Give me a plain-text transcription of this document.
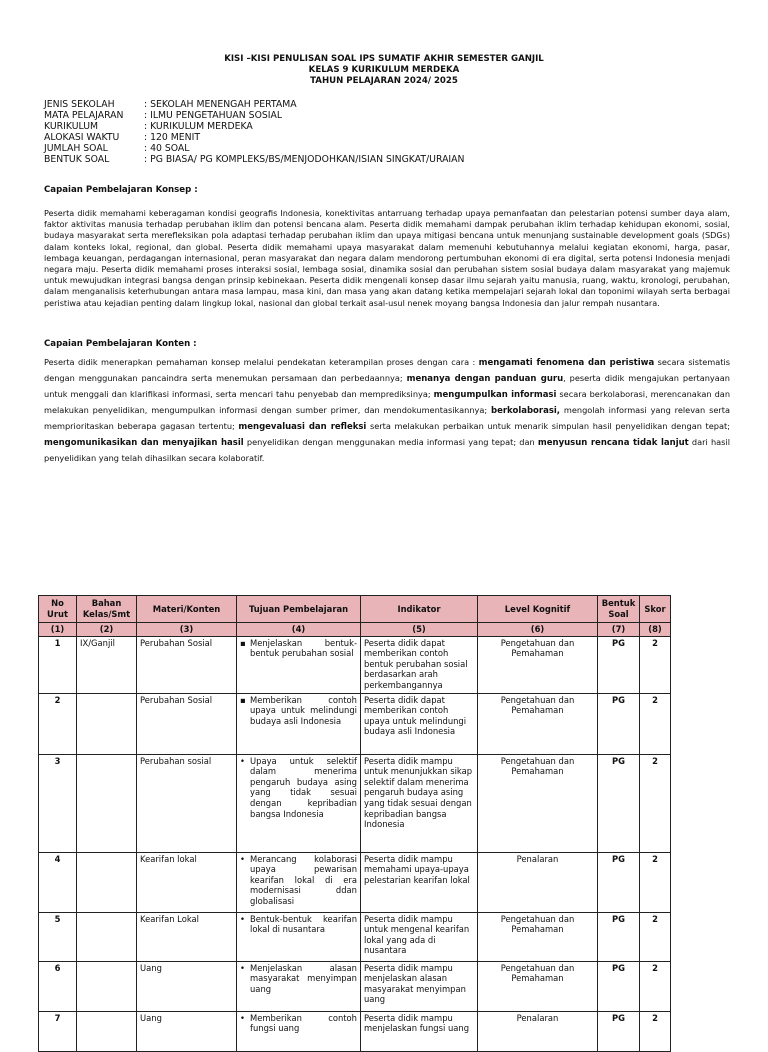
KISI –KISI PENULISAN SOAL IPS SUMATIF AKHIR SEMESTER GANJIL
KELAS 9 KURIKULUM MERDEKA
TAHUN PELAJARAN 2024/ 2025
JENIS SEKOLAH	: SEKOLAH MENENGAH PERTAMA
MATA PELAJARAN	: ILMU PENGETAHUAN SOSIAL
KURIKULUM	: KURIKULUM MERDEKA
ALOKASI WAKTU	: 120 MENIT
JUMLAH SOAL	: 40 SOAL
BENTUK SOAL	: PG BIASA/ PG KOMPLEKS/BS/MENJODOHKAN/ISIAN SINGKAT/URAIAN
Capaian Pembelajaran Konsep :
Peserta didik memahami keberagaman kondisi geografis Indonesia, konektivitas antarruang terhadap upaya pemanfaatan dan pelestarian potensi sumber daya alam, faktor aktivitas manusia terhadap perubahan iklim dan potensi bencana alam. Peserta didik memahami dampak perubahan iklim terhadap kehidupan ekonomi, sosial, budaya masyarakat serta merefleksikan pola adaptasi terhadap perubahan iklim dan upaya mitigasi bencana untuk menunjang sustainable development goals (SDGs) dalam konteks lokal, regional, dan global. Peserta didik memahami upaya masyarakat dalam memenuhi kebutuhannya melalui kegiatan ekonomi, harga, pasar, lembaga keuangan, perdagangan internasional, peran masyarakat dan negara dalam mendorong pertumbuhan ekonomi di era digital, serta potensi Indonesia menjadi negara maju. Peserta didik memahami proses interaksi sosial, lembaga sosial, dinamika sosial dan perubahan sistem sosial budaya dalam masyarakat yang majemuk untuk mewujudkan integrasi bangsa dengan prinsip kebinekaan. Peserta didik mengenali konsep dasar ilmu sejarah yaitu manusia, ruang, waktu, kronologi, perubahan, dalam menganalisis keterhubungan antara masa lampau, masa kini, dan masa yang akan datang ketika mempelajari sejarah lokal dan toponimi wilayah serta berbagai peristiwa atau kejadian penting dalam lingkup lokal, nasional dan global terkait asal-usul nenek moyang bangsa Indonesia dan jalur rempah nusantara.
Capaian Pembelajaran Konten :
Peserta didik menerapkan pemahaman konsep melalui pendekatan keterampilan proses dengan cara : mengamati fenomena dan peristiwa secara sistematis dengan menggunakan pancaindra serta menemukan persamaan dan perbedaannya; menanya dengan panduan guru, peserta didik mengajukan pertanyaan untuk menggali dan klarifikasi informasi, serta mencari tahu penyebab dan memprediksinya; mengumpulkan informasi secara berkolaborasi, merencanakan dan melakukan penyelidikan, mengumpulkan informasi dengan sumber primer, dan mendokumentasikannya; berkolaborasi, mengolah informasi yang relevan serta memprioritaskan beberapa gagasan tertentu; mengevaluasi dan refleksi serta melakukan perbaikan untuk menarik simpulan hasil penyelidikan dengan tepat; mengomunikasikan dan menyajikan hasil penyelidikan dengan menggunakan media informasi yang tepat; dan menyusun rencana tidak lanjut dari hasil penyelidikan yang telah dihasilkan secara kolaboratif.
No Urut	Bahan Kelas/Smt	Materi/Konten	Tujuan Pembelajaran	Indikator	Level Kognitif	Bentuk Soal	Skor
(1)	(2)	(3)	(4)	(5)	(6)	(7)	(8)
1	IX/Ganjil	Perubahan Sosial	▪ Menjelaskan bentuk-bentuk perubahan sosial	Peserta didik dapat memberikan contoh bentuk perubahan sosial berdasarkan arah perkembangannya	Pengetahuan dan Pemahaman	PG	2
2		Perubahan Sosial	▪ Memberikan contoh upaya untuk melindungi budaya asli Indonesia	Peserta didik dapat memberikan contoh upaya untuk melindungi budaya asli Indonesia	Pengetahuan dan Pemahaman	PG	2
3		Perubahan sosial	• Upaya untuk selektif dalam menerima pengaruh budaya asing yang tidak sesuai dengan kepribadian bangsa Indonesia	Peserta didik mampu untuk menunjukkan sikap selektif dalam menerima pengaruh budaya asing yang tidak sesuai dengan kepribadian bangsa Indonesia	Pengetahuan dan Pemahaman	PG	2
4		Kearifan lokal	• Merancang kolaborasi upaya pewarisan kearifan lokal di era modernisasi ddan globalisasi	Peserta didik mampu memahami upaya-upaya pelestarian kearifan lokal	Penalaran	PG	2
5		Kearifan Lokal	• Bentuk-bentuk kearifan lokal di nusantara	Peserta didik mampu untuk mengenal kearifan lokal yang ada di nusantara	Pengetahuan dan Pemahaman	PG	2
6		Uang	• Menjelaskan alasan masyarakat menyimpan uang	Peserta didik mampu menjelaskan alasan masyarakat menyimpan uang	Pengetahuan dan Pemahaman	PG	2
7		Uang	• Memberikan contoh fungsi uang	Peserta didik mampu menjelaskan fungsi uang	Penalaran	PG	2
